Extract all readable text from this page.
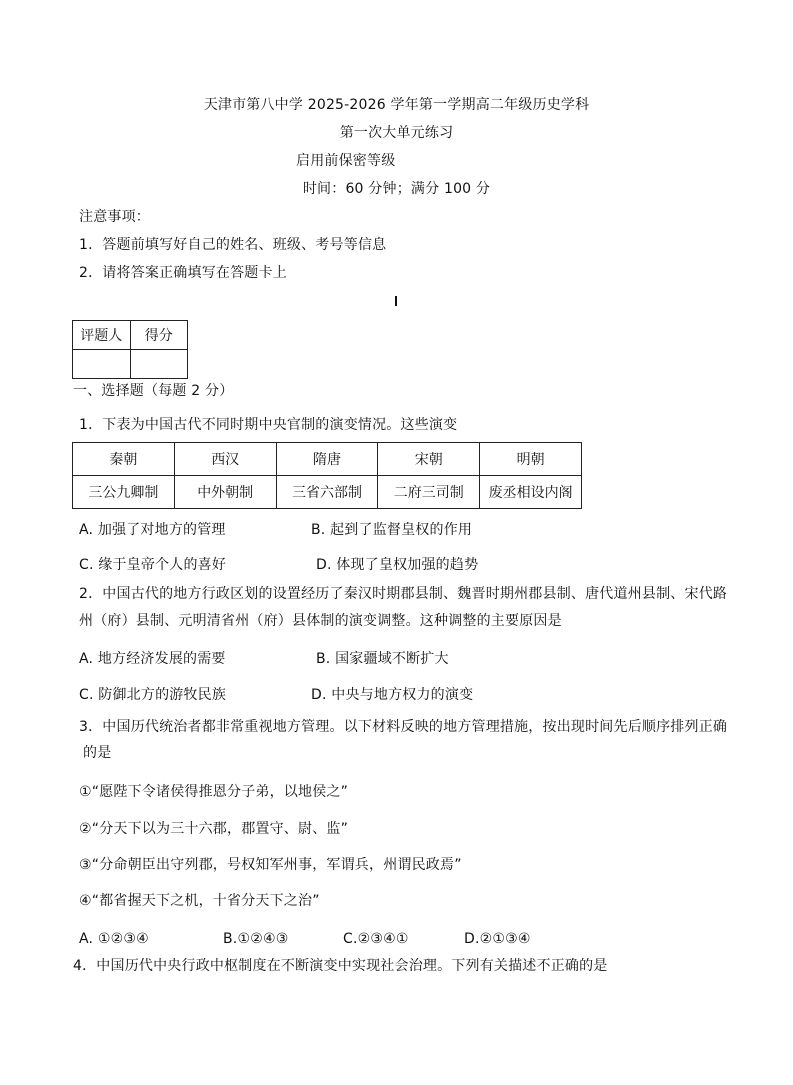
天津市第八中学 2025-2026 学年第一学期高二年级历史学科
第一次大单元练习
启用前保密等级
时间：60 分钟；满分 100 分
注意事项：
1．答题前填写好自己的姓名、班级、考号等信息
2．请将答案正确填写在答题卡上
评题人	得分

一、选择题（每题 2 分）
1．下表为中国古代不同时期中央官制的演变情况。这些演变
秦朝	西汉	隋唐	宋朝	明朝
三公九卿制	中外朝制	三省六部制	二府三司制	废丞相设内阁
A. 加强了对地方的管理	B. 起到了监督皇权的作用
C. 缘于皇帝个人的喜好	D. 体现了皇权加强的趋势
2．中国古代的地方行政区划的设置经历了秦汉时期郡县制、魏晋时期州郡县制、唐代道州县制、宋代路
州（府）县制、元明清省州（府）县体制的演变调整。这种调整的主要原因是
A. 地方经济发展的需要	B. 国家疆域不断扩大
C. 防御北方的游牧民族	D. 中央与地方权力的演变
3．中国历代统治者都非常重视地方管理。以下材料反映的地方管理措施，按出现时间先后顺序排列正确
的是
①“愿陛下令诸侯得推恩分子弟，以地侯之”
②“分天下以为三十六郡，郡置守、尉、监”
③“分命朝臣出守列郡，号权知军州事，军谓兵，州谓民政焉”
④“都省握天下之机，十省分天下之治”
A. ①②③④	B.①②④③	C.②③④①	D.②①③④
4．中国历代中央行政中枢制度在不断演变中实现社会治理。下列有关描述不正确的是
